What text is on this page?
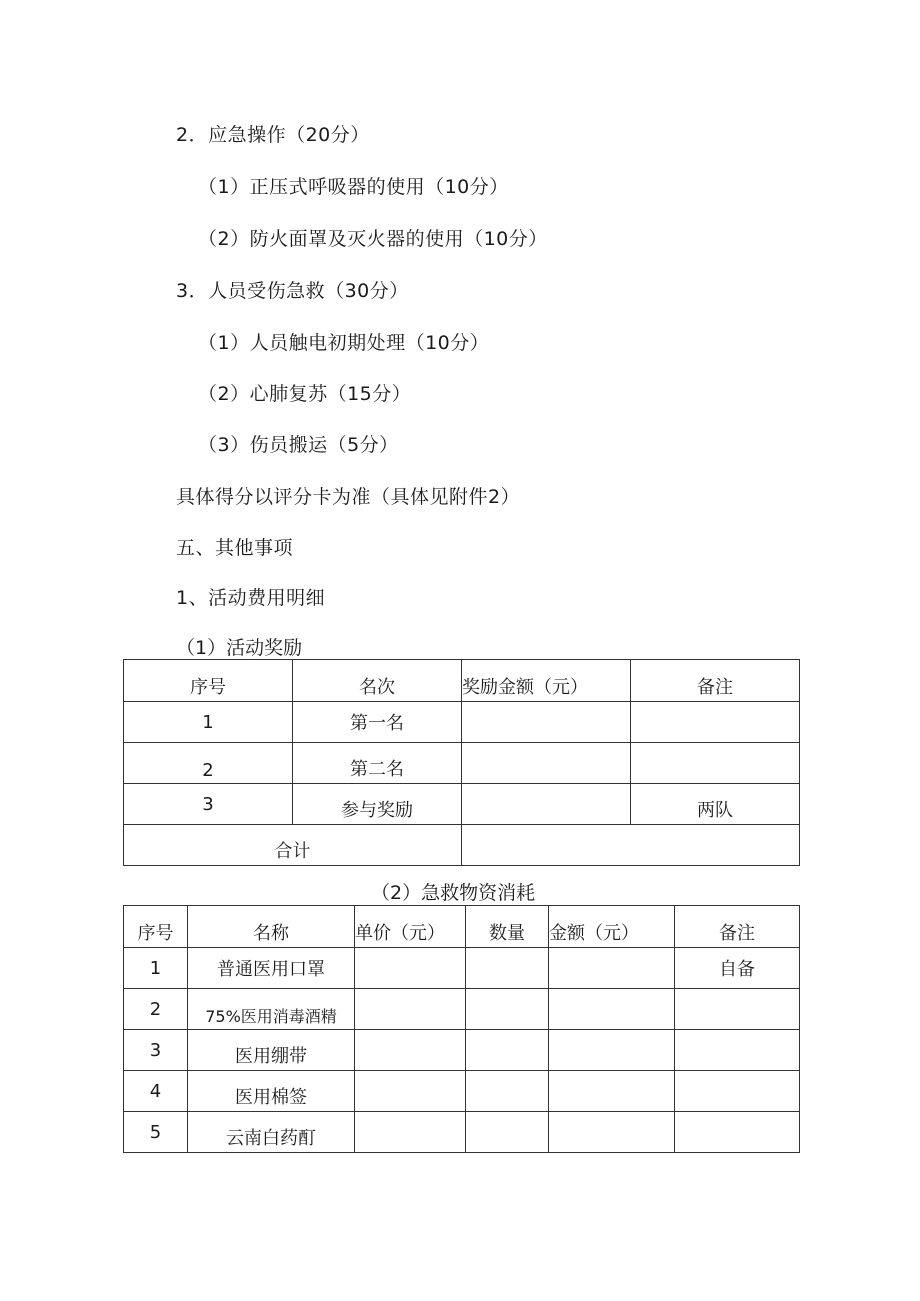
2．应急操作（20分）
（1）正压式呼吸器的使用（10分）
（2）防火面罩及灭火器的使用（10分）
3．人员受伤急救（30分）
（1）人员触电初期处理（10分）
（2）心肺复苏（15分）
（3）伤员搬运（5分）
具体得分以评分卡为准（具体见附件2）
五、其他事项
1、活动费用明细
（1）活动奖励
序号	名次	奖励金额（元）	备注
1	第一名		
2	第二名		
3	参与奖励		两队
合计			
（2）急救物资消耗
序号	名称	单价（元）	数量	金额（元）	备注
1	普通医用口罩				自备
2	75%医用消毒酒精				
3	医用绷带				
4	医用棉签				
5	云南白药酊				
